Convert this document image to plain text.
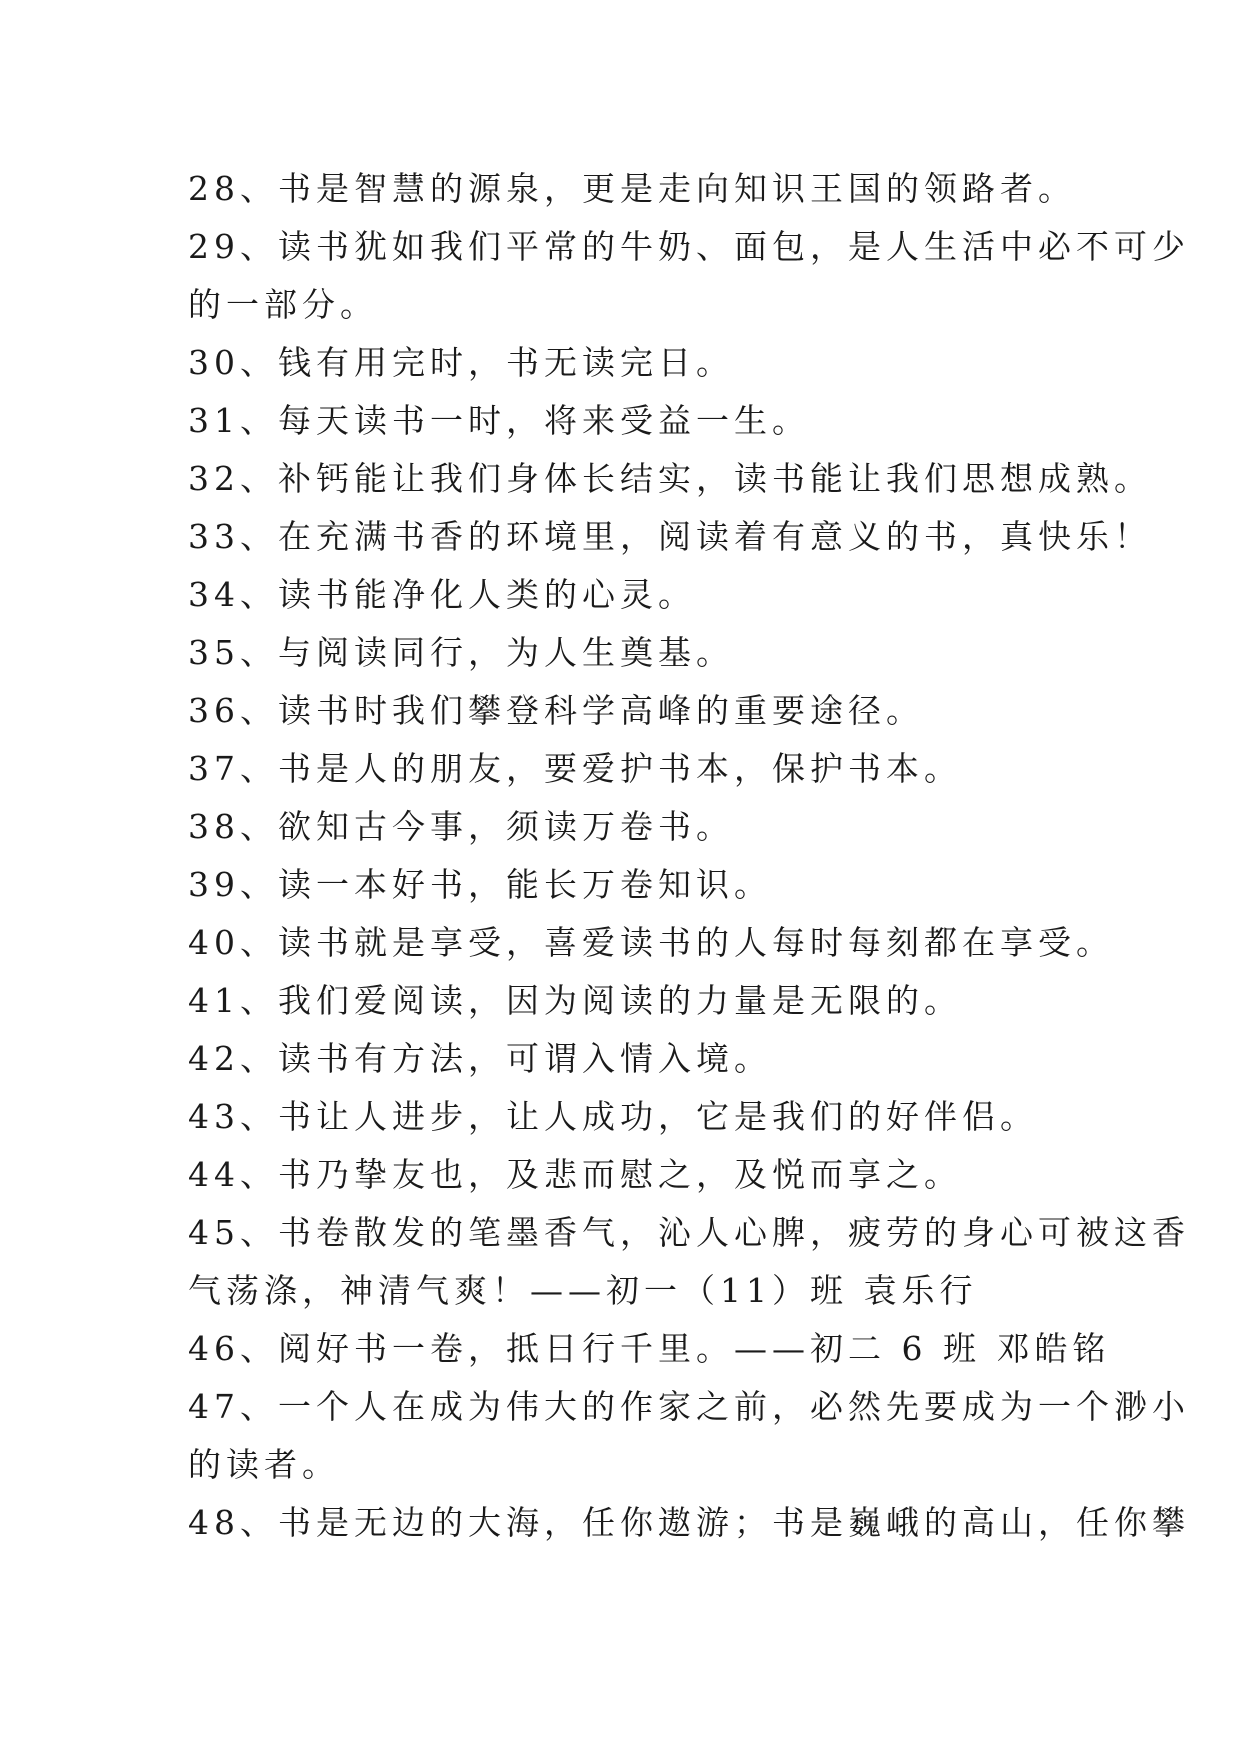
28、书是智慧的源泉，更是走向知识王国的领路者。
29、读书犹如我们平常的牛奶、面包，是人生活中必不可少
的一部分。
30、钱有用完时，书无读完日。
31、每天读书一时，将来受益一生。
32、补钙能让我们身体长结实，读书能让我们思想成熟。
33、在充满书香的环境里，阅读着有意义的书，真快乐！
34、读书能净化人类的心灵。
35、与阅读同行，为人生奠基。
36、读书时我们攀登科学高峰的重要途径。
37、书是人的朋友，要爱护书本，保护书本。
38、欲知古今事，须读万卷书。
39、读一本好书，能长万卷知识。
40、读书就是享受，喜爱读书的人每时每刻都在享受。
41、我们爱阅读，因为阅读的力量是无限的。
42、读书有方法，可谓入情入境。
43、书让人进步，让人成功，它是我们的好伴侣。
44、书乃挚友也，及悲而慰之，及悦而享之。
45、书卷散发的笔墨香气，沁人心脾，疲劳的身心可被这香
气荡涤，神清气爽！——初一（11）班 袁乐行
46、阅好书一卷，抵日行千里。——初二 6 班 邓皓铭
47、一个人在成为伟大的作家之前，必然先要成为一个渺小
的读者。
48、书是无边的大海，任你遨游；书是巍峨的高山，任你攀
